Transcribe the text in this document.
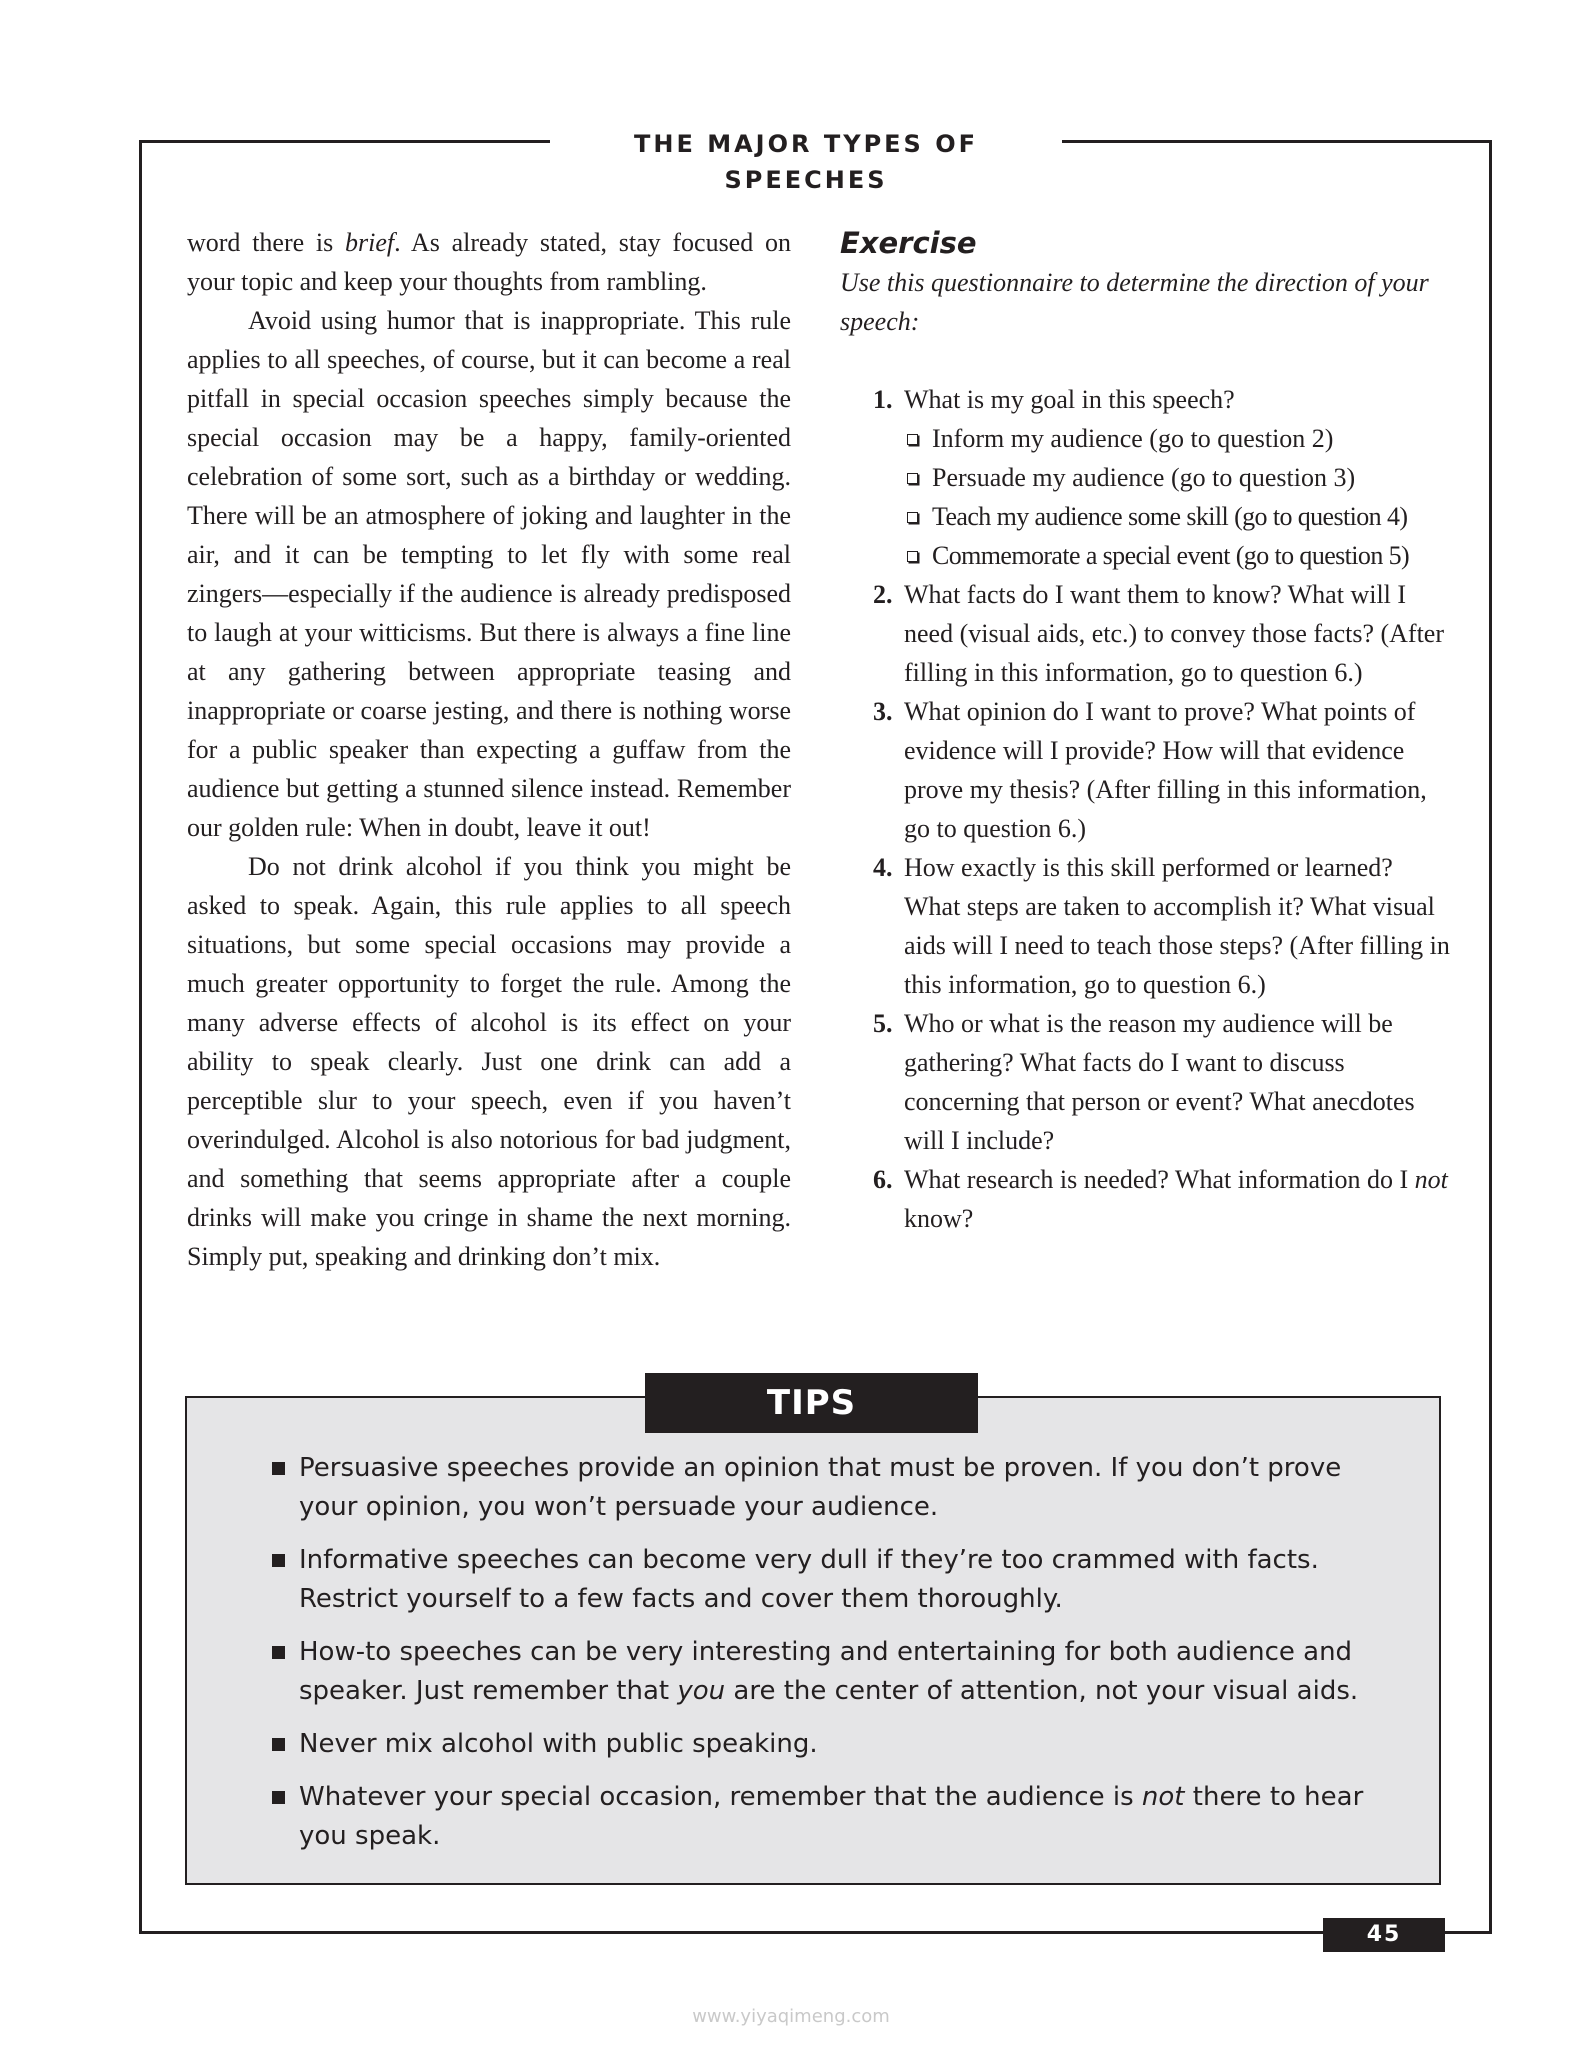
THE MAJOR TYPES OF SPEECHES

word there is brief. As already stated, stay focused on your topic and keep your thoughts from rambling.

Avoid using humor that is inappropriate. This rule applies to all speeches, of course, but it can become a real pitfall in special occasion speeches simply because the special occasion may be a happy, family-oriented celebration of some sort, such as a birthday or wedding. There will be an atmosphere of joking and laughter in the air, and it can be tempting to let fly with some real zingers—especially if the audience is already predisposed to laugh at your witticisms. But there is always a fine line at any gathering between appropriate teasing and inappropriate or coarse jesting, and there is nothing worse for a public speaker than expecting a guffaw from the audience but getting a stunned silence instead. Remember our golden rule: When in doubt, leave it out!

Do not drink alcohol if you think you might be asked to speak. Again, this rule applies to all speech situations, but some special occasions may provide a much greater opportunity to forget the rule. Among the many adverse effects of alcohol is its effect on your ability to speak clearly. Just one drink can add a perceptible slur to your speech, even if you haven’t overindulged. Alcohol is also notorious for bad judgment, and something that seems appropriate after a couple drinks will make you cringe in shame the next morning. Simply put, speaking and drinking don’t mix.

Exercise

Use this questionnaire to determine the direction of your speech:

1. What is my goal in this speech?
Inform my audience (go to question 2)
Persuade my audience (go to question 3)
Teach my audience some skill (go to question 4)
Commemorate a special event (go to question 5)
2. What facts do I want them to know? What will I need (visual aids, etc.) to convey those facts? (After filling in this information, go to question 6.)
3. What opinion do I want to prove? What points of evidence will I provide? How will that evidence prove my thesis? (After filling in this information, go to question 6.)
4. How exactly is this skill performed or learned? What steps are taken to accomplish it? What visual aids will I need to teach those steps? (After filling in this information, go to question 6.)
5. Who or what is the reason my audience will be gathering? What facts do I want to discuss concerning that person or event? What anecdotes will I include?
6. What research is needed? What information do I not know?
TIPS
Persuasive speeches provide an opinion that must be proven. If you don’t prove your opinion, you won’t persuade your audience.
Informative speeches can become very dull if they’re too crammed with facts. Restrict yourself to a few facts and cover them thoroughly.
How-to speeches can be very interesting and entertaining for both audience and speaker. Just remember that you are the center of attention, not your visual aids.
Never mix alcohol with public speaking.
Whatever your special occasion, remember that the audience is not there to hear you speak.
45
www.yiyaqimeng.com
